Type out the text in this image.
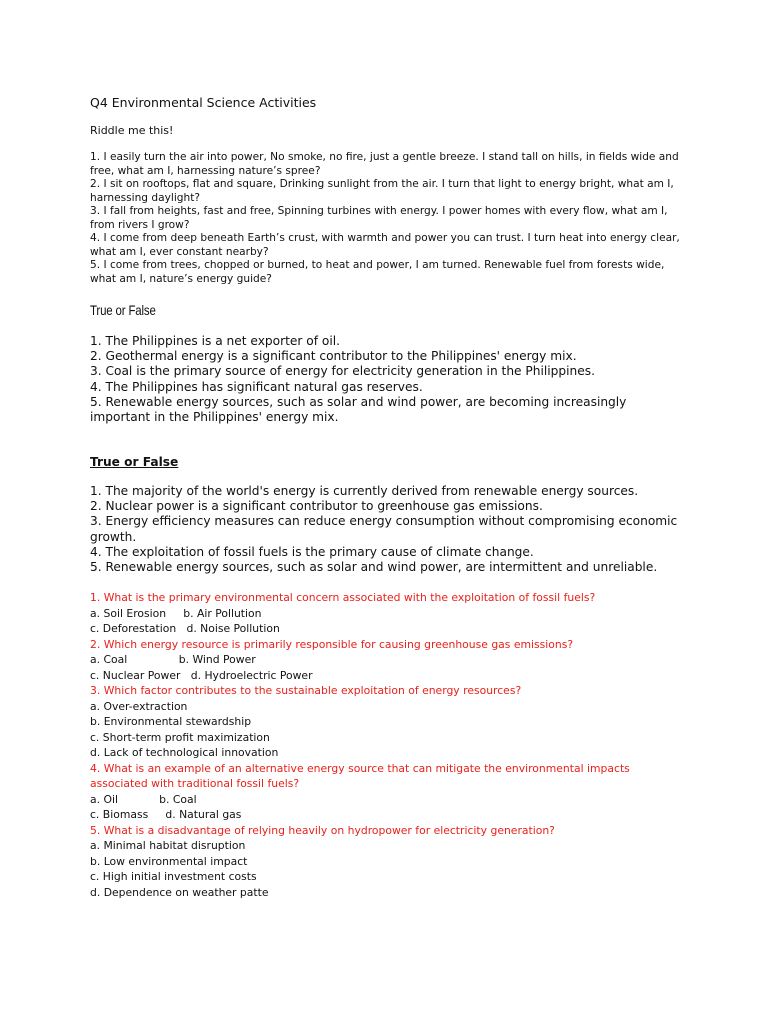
Q4 Environmental Science Activities
Riddle me this!

1. I easily turn the air into power, No smoke, no fire, just a gentle breeze. I stand tall on hills, in fields wide and free, what am I, harnessing nature’s spree?

2. I sit on rooftops, flat and square, Drinking sunlight from the air. I turn that light to energy bright, what am I, harnessing daylight?

3. I fall from heights, fast and free, Spinning turbines with energy. I power homes with every flow, what am I, from rivers I grow?

4. I come from deep beneath Earth’s crust, with warmth and power you can trust. I turn heat into energy clear, what am I, ever constant nearby?

5. I come from trees, chopped or burned, to heat and power, I am turned. Renewable fuel from forests wide, what am I, nature’s energy guide?

True or False

1. The Philippines is a net exporter of oil.

2. Geothermal energy is a significant contributor to the Philippines' energy mix.

3. Coal is the primary source of energy for electricity generation in the Philippines.

4. The Philippines has significant natural gas reserves.

5. Renewable energy sources, such as solar and wind power, are becoming increasingly important in the Philippines' energy mix.

True or False

1. The majority of the world's energy is currently derived from renewable energy sources.

2. Nuclear power is a significant contributor to greenhouse gas emissions.

3. Energy efficiency measures can reduce energy consumption without compromising economic growth.

4. The exploitation of fossil fuels is the primary cause of climate change.

5. Renewable energy sources, such as solar and wind power, are intermittent and unreliable.

1. What is the primary environmental concern associated with the exploitation of fossil fuels?

a. Soil Erosion     b. Air Pollution

c. Deforestation   d. Noise Pollution

2. Which energy resource is primarily responsible for causing greenhouse gas emissions?

a. Coal               b. Wind Power

c. Nuclear Power   d. Hydroelectric Power

3. Which factor contributes to the sustainable exploitation of energy resources?

a. Over-extraction

b. Environmental stewardship

c. Short-term profit maximization

d. Lack of technological innovation

4. What is an example of an alternative energy source that can mitigate the environmental impacts associated with traditional fossil fuels?

a. Oil            b. Coal

c. Biomass     d. Natural gas

5. What is a disadvantage of relying heavily on hydropower for electricity generation?

a. Minimal habitat disruption

b. Low environmental impact

c. High initial investment costs

d. Dependence on weather patte
